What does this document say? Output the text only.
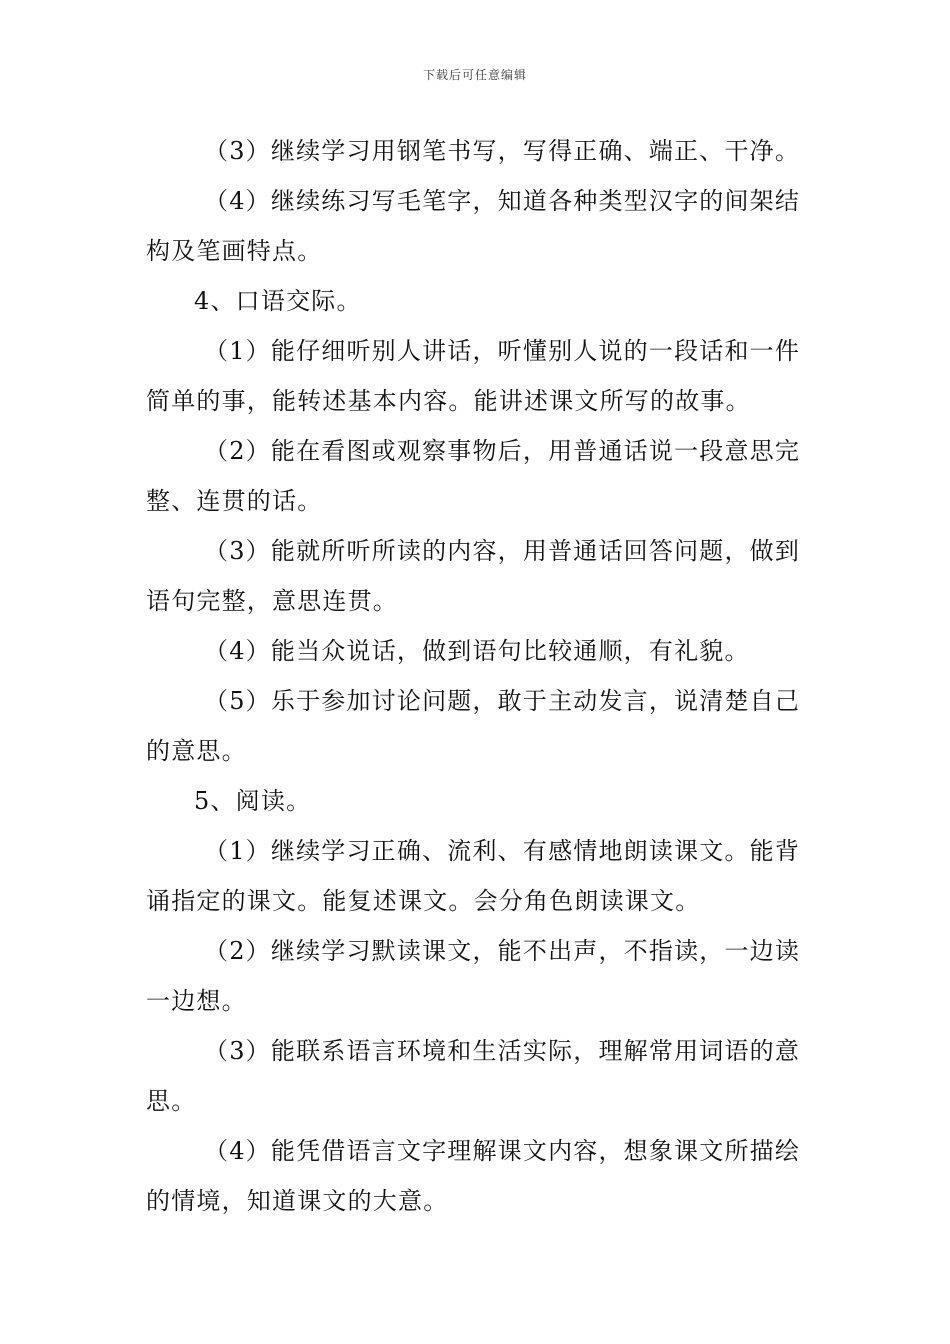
下载后可任意编辑

（3）继续学习用钢笔书写，写得正确、端正、干净。

（4）继续练习写毛笔字，知道各种类型汉字的间架结构及笔画特点。

4、口语交际。

（1）能仔细听别人讲话，听懂别人说的一段话和一件简单的事，能转述基本内容。能讲述课文所写的故事。

（2）能在看图或观察事物后，用普通话说一段意思完整、连贯的话。

（3）能就所听所读的内容，用普通话回答问题，做到语句完整，意思连贯。

（4）能当众说话，做到语句比较通顺，有礼貌。

（5）乐于参加讨论问题，敢于主动发言，说清楚自己的意思。

5、阅读。

（1）继续学习正确、流利、有感情地朗读课文。能背诵指定的课文。能复述课文。会分角色朗读课文。

（2）继续学习默读课文，能不出声，不指读，一边读一边想。

（3）能联系语言环境和生活实际，理解常用词语的意思。

（4）能凭借语言文字理解课文内容，想象课文所描绘的情境，知道课文的大意。
